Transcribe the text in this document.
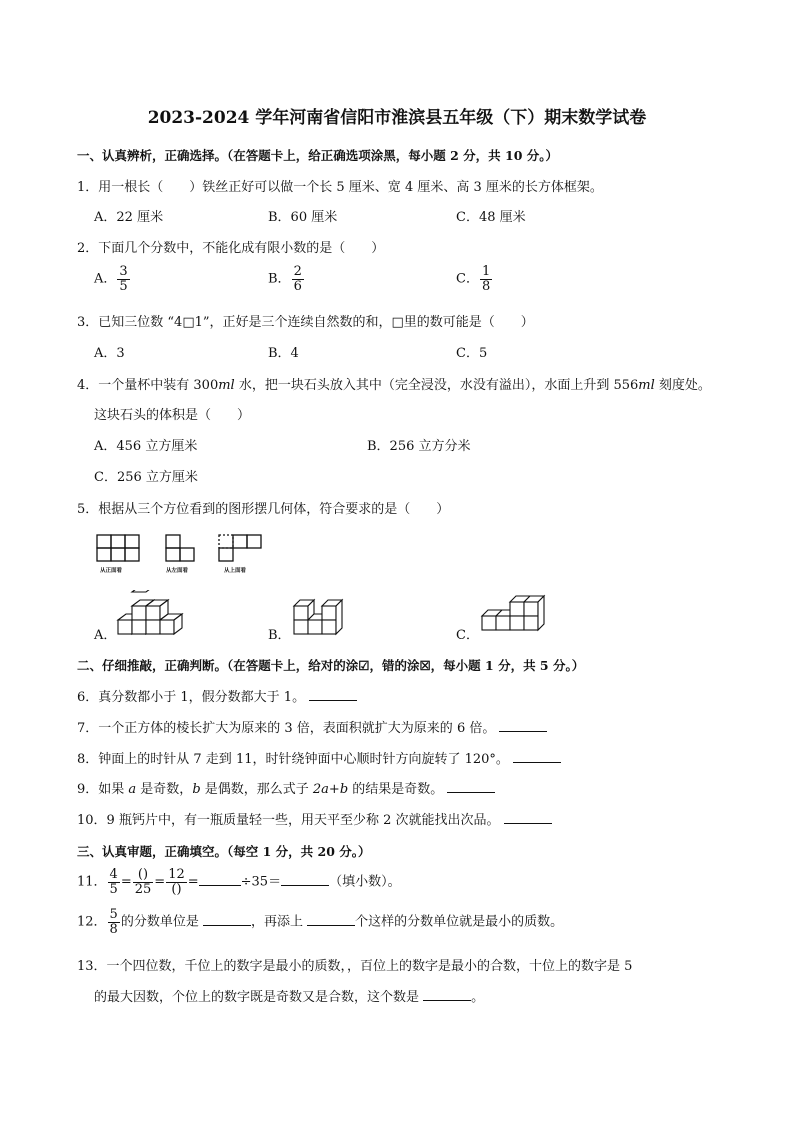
2023-2024 学年河南省信阳市淮滨县五年级（下）期末数学试卷
一、认真辨析，正确选择。（在答题卡上，给正确选项涂黑，每小题 2 分，共 10 分。）
1．用一根长（　　）铁丝正好可以做一个长 5 厘米、宽 4 厘米、高 3 厘米的长方体框架。
A．22 厘米	B．60 厘米	C．48 厘米
2．下面几个分数中，不能化成有限小数的是（　　）
A． $\frac{3}{5}$	B． $\frac{2}{6}$	C． $\frac{1}{8}$
3．已知三位数 “4□1”，正好是三个连续自然数的和，□里的数可能是（　　）
A．3	B．4	C．5
4．一个量杯中装有 300ml 水，把一块石头放入其中（完全浸没，水没有溢出），水面上升到 556ml 刻度处。
这块石头的体积是（　　）
A．456 立方厘米	B．256 立方分米
C．256 立方厘米
5．根据从三个方位看到的图形摆几何体，符合要求的是（　　）
从正面看	从左面看	从上面看
A．	B．	C．
二、仔细推敲，正确判断。（在答题卡上，给对的涂☑，错的涂☒，每小题 1 分，共 5 分。）
6．真分数都小于 1，假分数都大于 1。
7．一个正方体的棱长扩大为原来的 3 倍，表面积就扩大为原来的 6 倍。
8．钟面上的时针从 7 走到 11，时针绕钟面中心顺时针方向旋转了 120°。
9．如果 a 是奇数，b 是偶数，那么式子 2a+b 的结果是奇数。
10．9 瓶钙片中，有一瓶质量轻一些，用天平至少称 2 次就能找出次品。
三、认真审题，正确填空。（每空 1 分，共 20 分。）
11． $\frac{4}{5} = \frac{()}{25} = \frac{12}{()}$ =	÷35＝	（填小数）。
12． $\frac{5}{8}$ 的分数单位是	，再添上	个这样的分数单位就是最小的质数。
13．一个四位数，千位上的数字是最小的质数，，百位上的数字是最小的合数，十位上的数字是 5
的最大因数，个位上的数字既是奇数又是合数，这个数是	。
